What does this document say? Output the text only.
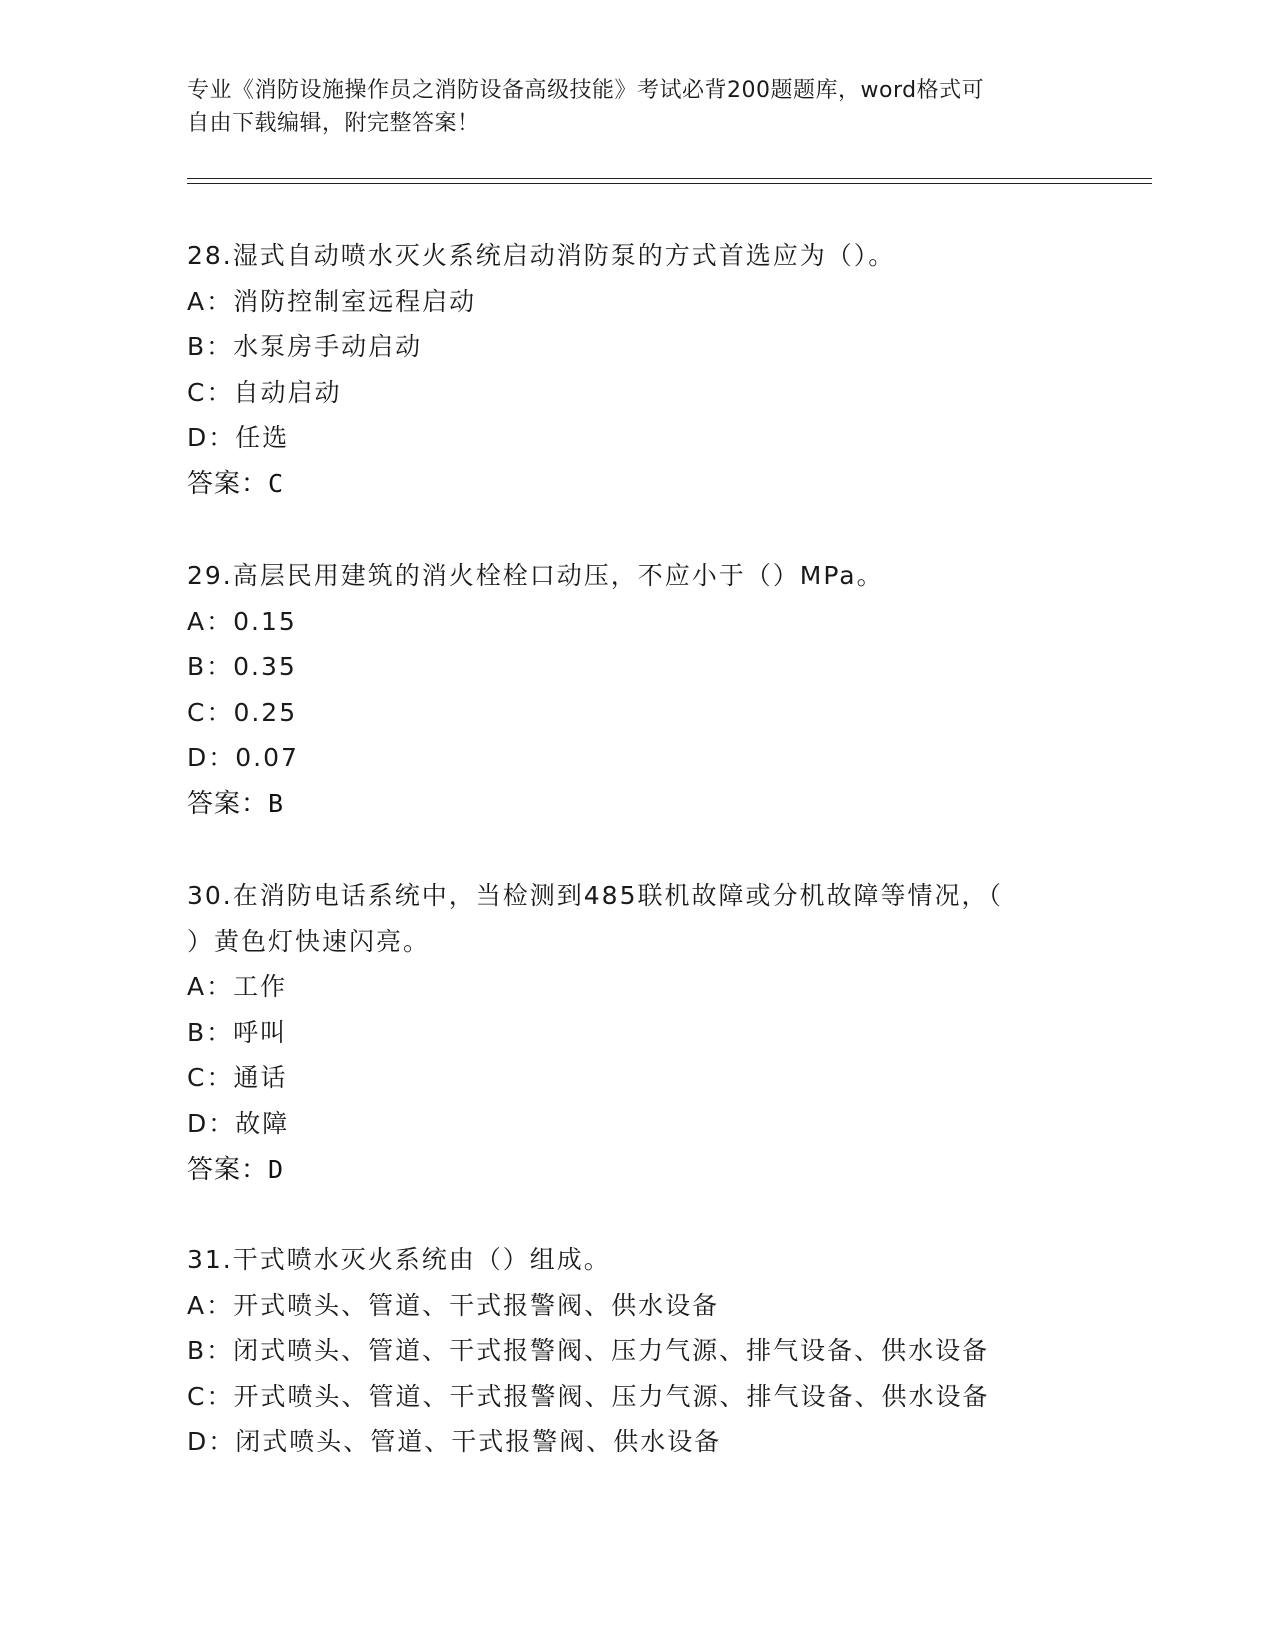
专业《消防设施操作员之消防设备高级技能》考试必背200题题库，word格式可
自由下载编辑，附完整答案！
28.湿式自动喷水灭火系统启动消防泵的方式首选应为（）。
A：消防控制室远程启动
B：水泵房手动启动
C：自动启动
D：任选
答案：C
29.高层民用建筑的消火栓栓口动压，不应小于（）MPa。
A：0.15
B：0.35
C：0.25
D：0.07
答案：B
30.在消防电话系统中，当检测到485联机故障或分机故障等情况，（
）黄色灯快速闪亮。
A：工作
B：呼叫
C：通话
D：故障
答案：D
31.干式喷水灭火系统由（）组成。
A：开式喷头、管道、干式报警阀、供水设备
B：闭式喷头、管道、干式报警阀、压力气源、排气设备、供水设备
C：开式喷头、管道、干式报警阀、压力气源、排气设备、供水设备
D：闭式喷头、管道、干式报警阀、供水设备
